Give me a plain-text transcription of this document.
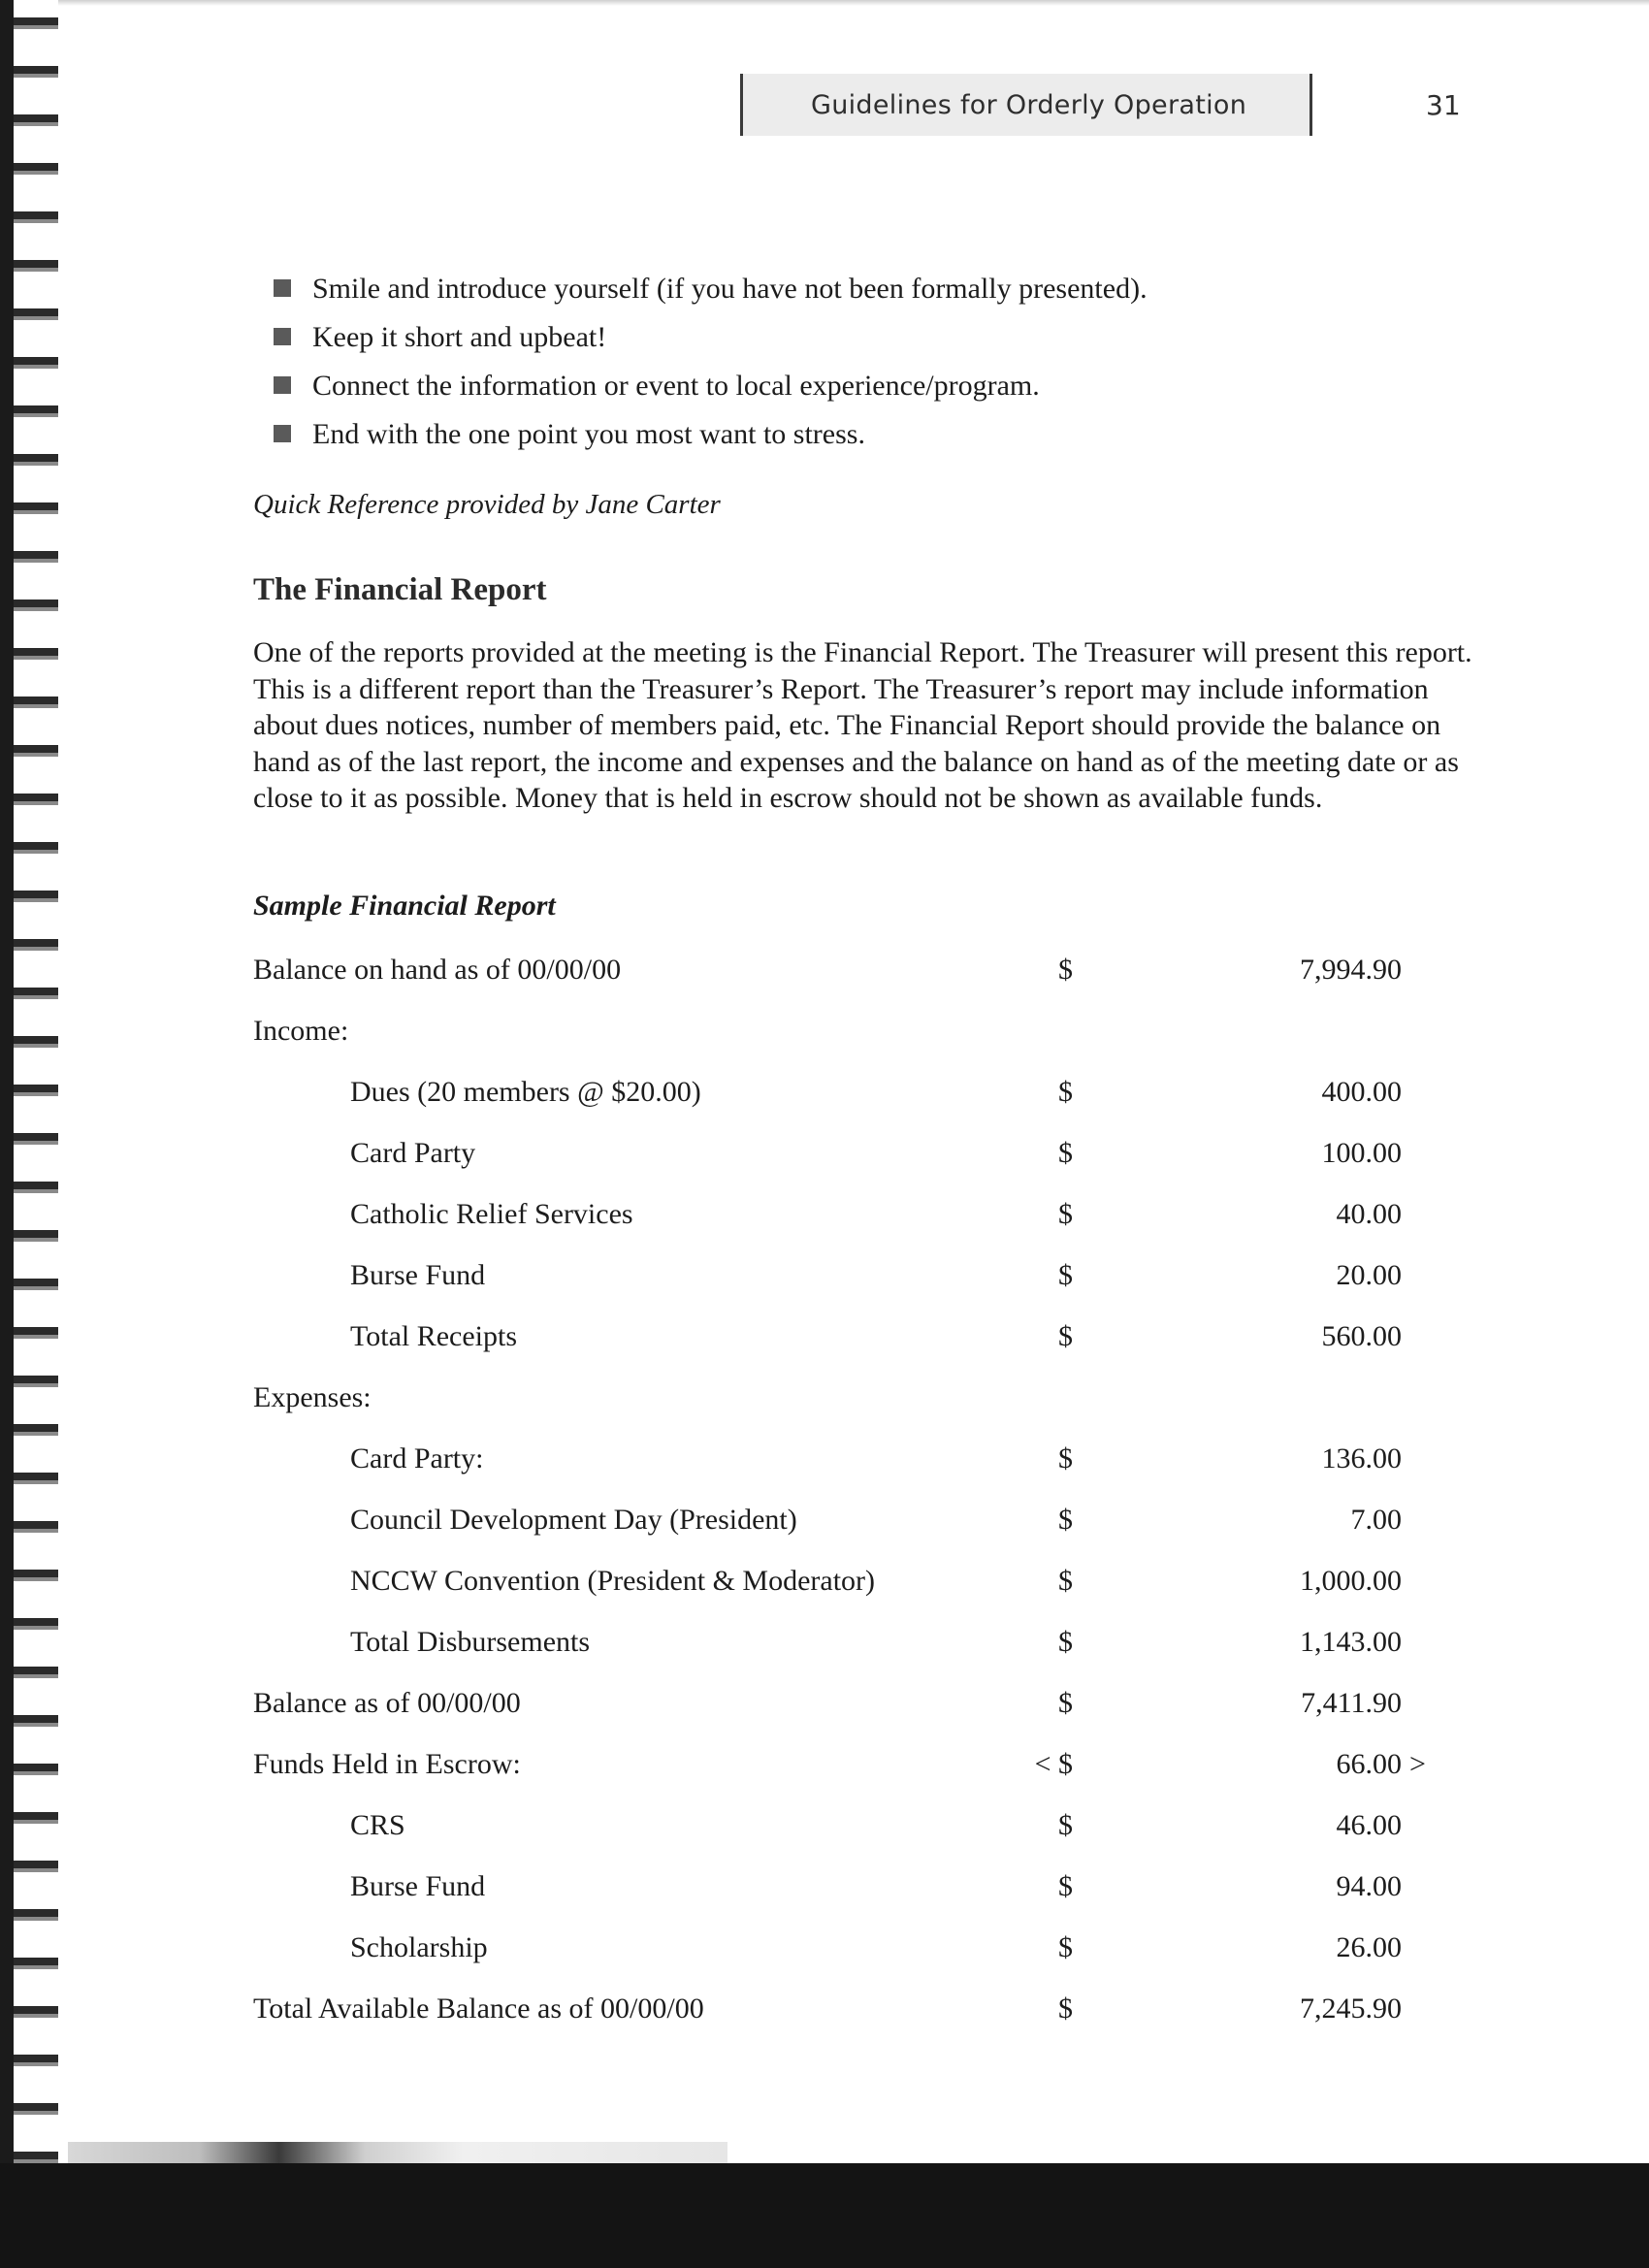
Guidelines for Orderly Operation	31
Smile and introduce yourself (if you have not been formally presented).
Keep it short and upbeat!
Connect the information or event to local experience/program.
End with the one point you most want to stress.
Quick Reference provided by Jane Carter
The Financial Report

One of the reports provided at the meeting is the Financial Report. The Treasurer will present this report. This is a different report than the Treasurer’s Report. The Treasurer’s report may include information about dues notices, number of members paid, etc. The Financial Report should provide the balance on hand as of the last report, the income and expenses and the balance on hand as of the meeting date or as close to it as possible. Money that is held in escrow should not be shown as available funds.

Sample Financial Report
Balance on hand as of 00/00/00	$	7,994.90
Income:
Dues (20 members @ $20.00)	$	400.00
Card Party	$	100.00
Catholic Relief Services	$	40.00
Burse Fund	$	20.00
Total Receipts	$	560.00
Expenses:
Card Party:	$	136.00
Council Development Day (President)	$	7.00
NCCW Convention (President & Moderator)	$	1,000.00
Total Disbursements	$	1,143.00
Balance as of 00/00/00	$	7,411.90
Funds Held in Escrow:	< $	66.00 >
CRS	$	46.00
Burse Fund	$	94.00
Scholarship	$	26.00
Total Available Balance as of 00/00/00	$	7,245.90
